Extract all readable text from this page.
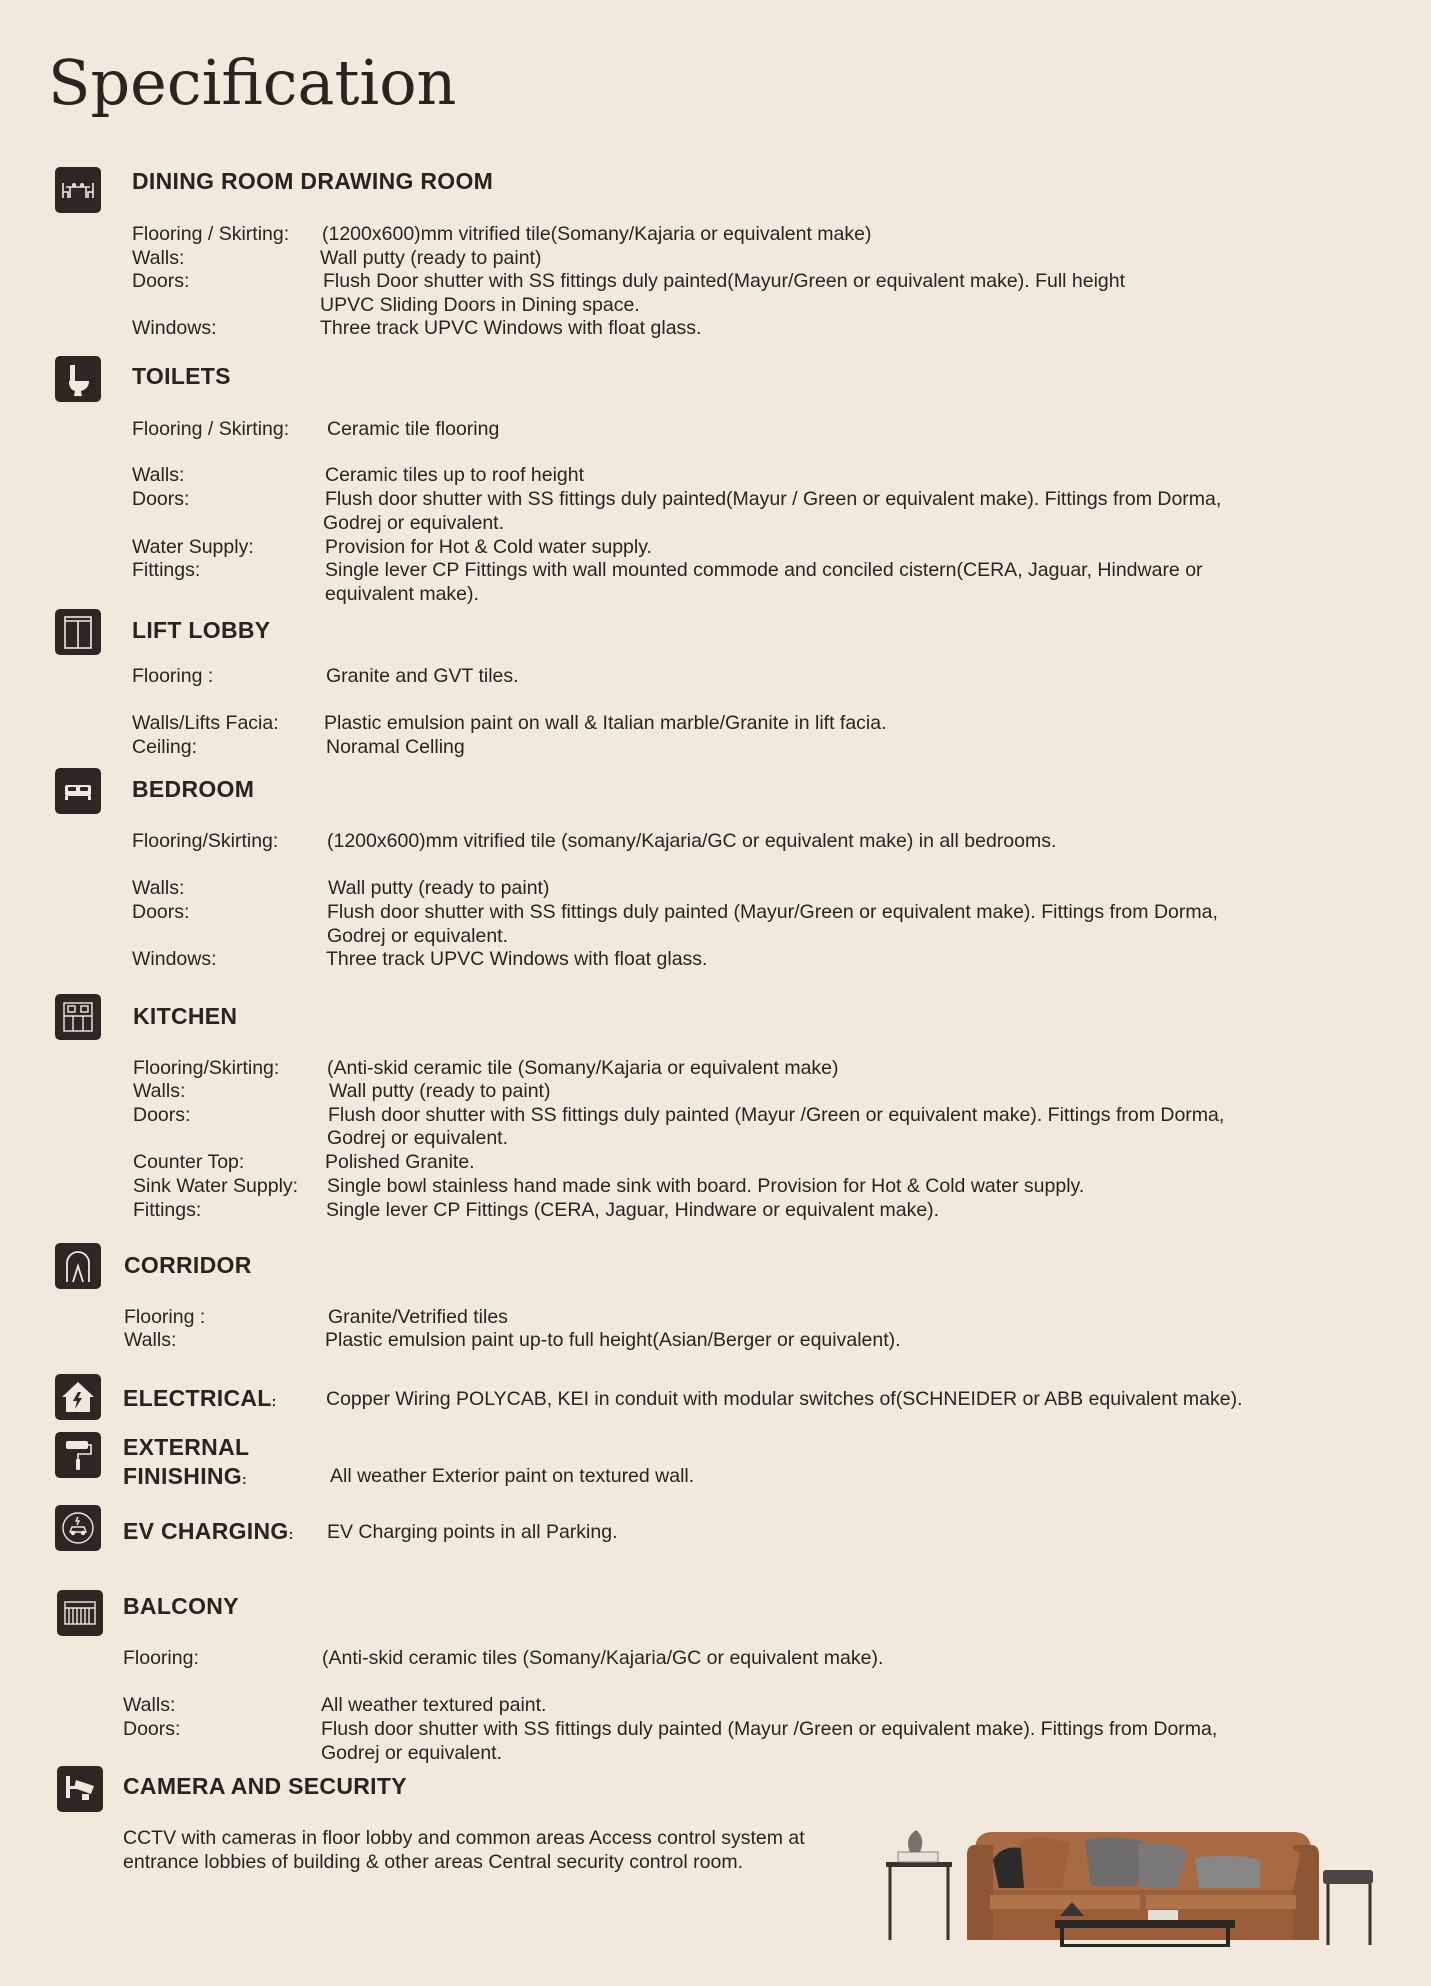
Specification
DINING ROOM DRAWING ROOM
Flooring / Skirting: (1200x600)mm vitrified tile(Somany/Kajaria or equivalent make)
Walls:	Wall putty (ready to paint)
Doors:	Flush Door shutter with SS fittings duly painted(Mayur/Green or equivalent make). Full height
UPVC Sliding Doors in Dining space.
Windows:	Three track UPVC Windows with float glass.
TOILETS
Flooring / Skirting: Ceramic tile flooring
Walls:	Ceramic tiles up to roof height
Doors:	Flush door shutter with SS fittings duly painted(Mayur / Green or equivalent make). Fittings from Dorma,
Godrej or equivalent.
Water Supply:	Provision for Hot & Cold water supply.
Fittings:	Single lever CP Fittings with wall mounted commode and conciled cistern(CERA, Jaguar, Hindware or
equivalent make).
LIFT LOBBY
Flooring :	Granite and GVT tiles.
Walls/Lifts Facia: Plastic emulsion paint on wall & Italian marble/Granite in lift facia.
Ceiling:	Noramal Celling
BEDROOM
Flooring/Skirting: (1200x600)mm vitrified tile (somany/Kajaria/GC or equivalent make) in all bedrooms.
Walls:	Wall putty (ready to paint)
Doors:	Flush door shutter with SS fittings duly painted (Mayur/Green or equivalent make). Fittings from Dorma,
Godrej or equivalent.
Windows:	Three track UPVC Windows with float glass.
KITCHEN
Flooring/Skirting: (Anti-skid ceramic tile (Somany/Kajaria or equivalent make)
Walls:	Wall putty (ready to paint)
Doors:	Flush door shutter with SS fittings duly painted (Mayur /Green or equivalent make). Fittings from Dorma,
Godrej or equivalent.
Counter Top:	Polished Granite.
Sink Water Supply: Single bowl stainless hand made sink with board. Provision for Hot & Cold water supply.
Fittings:	Single lever CP Fittings (CERA, Jaguar, Hindware or equivalent make).
CORRIDOR
Flooring :	Granite/Vetrified tiles
Walls:	Plastic emulsion paint up-to full height(Asian/Berger or equivalent).
ELECTRICAL:	Copper Wiring POLYCAB, KEI in conduit with modular switches of(SCHNEIDER or ABB equivalent make).
EXTERNAL
FINISHING:	All weather Exterior paint on textured wall.
EV CHARGING: EV Charging points in all Parking.
BALCONY
Flooring:	(Anti-skid ceramic tiles (Somany/Kajaria/GC or equivalent make).
Walls:	All weather textured paint.
Doors:	Flush door shutter with SS fittings duly painted (Mayur /Green or equivalent make). Fittings from Dorma,
Godrej or equivalent.
CAMERA AND SECURITY
CCTV with cameras in floor lobby and common areas Access control system at
entrance lobbies of building & other areas Central security control room.
